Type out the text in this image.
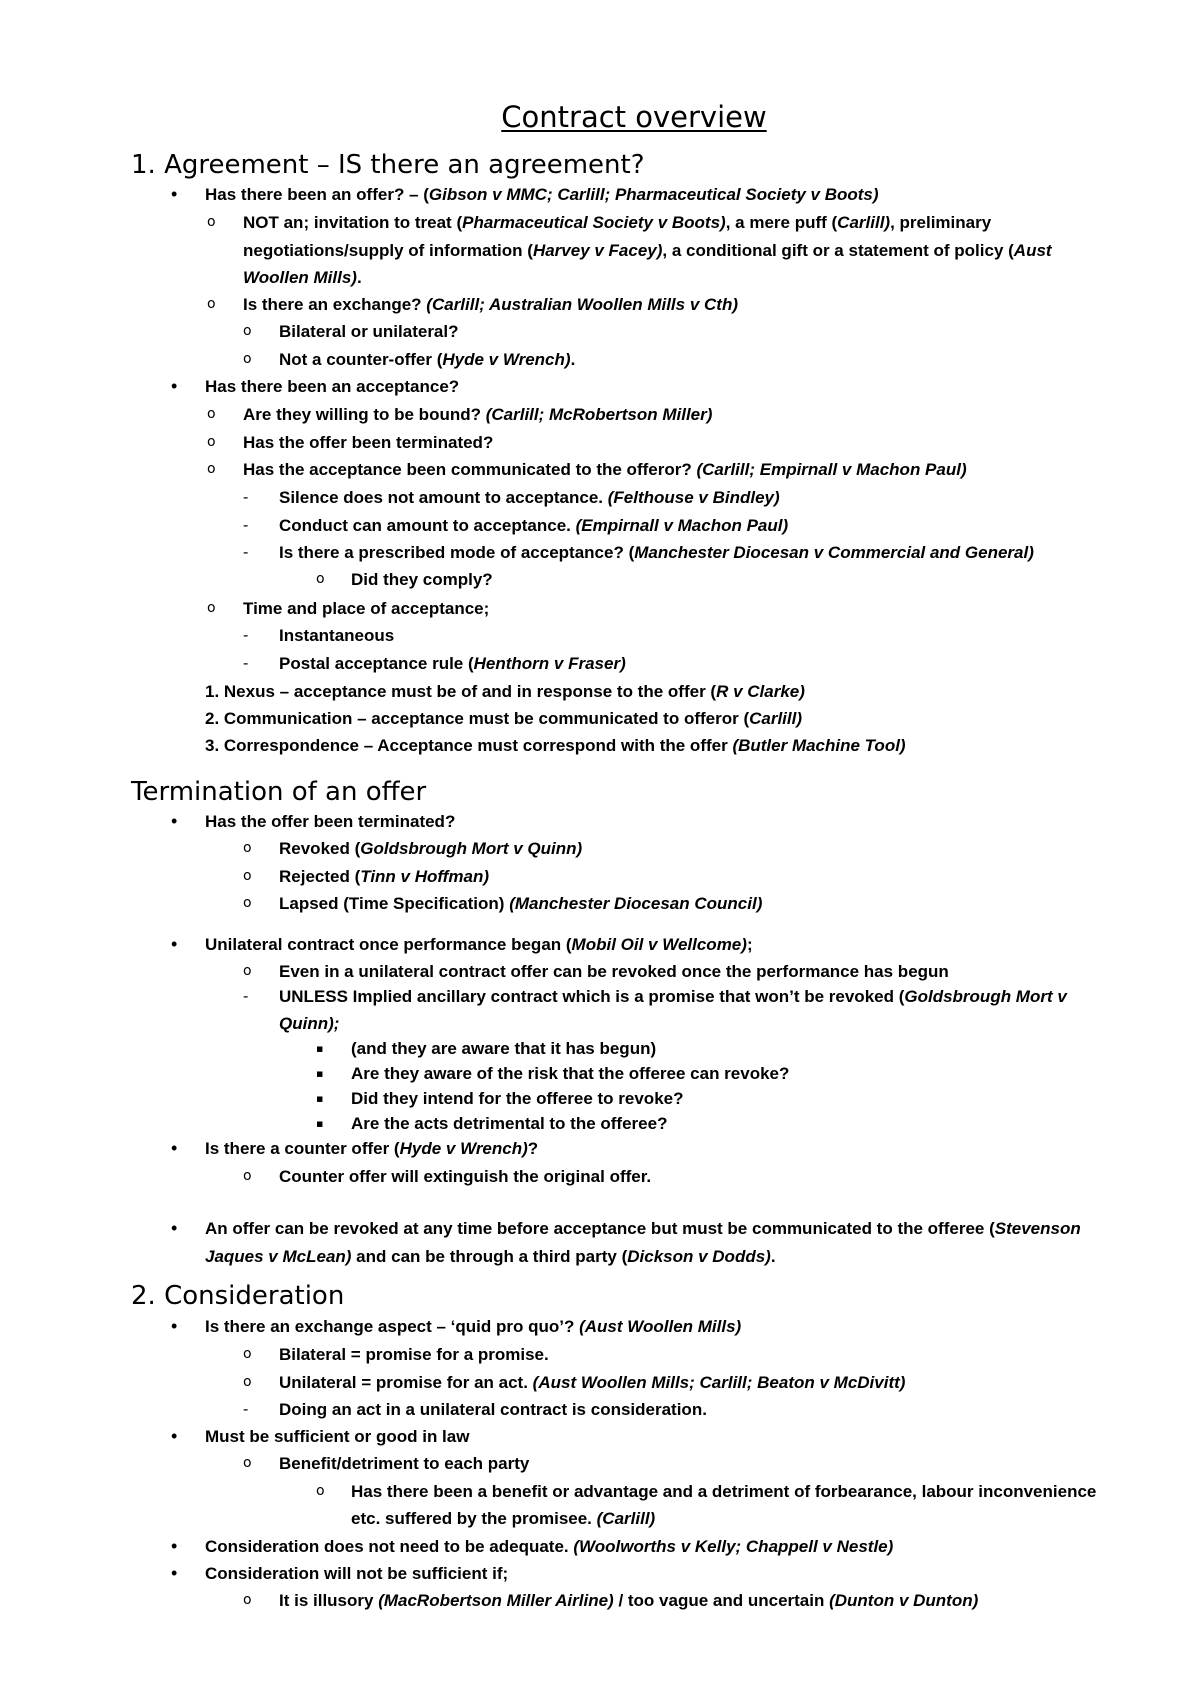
Contract overview
1. Agreement – IS there an agreement?
Termination of an offer
2. Consideration
• Has there been an offer? – (Gibson v MMC; Carlill; Pharmaceutical Society v Boots)
o NOT an; invitation to treat (Pharmaceutical Society v Boots), a mere puff (Carlill), preliminary
negotiations/supply of information (Harvey v Facey), a conditional gift or a statement of policy (Aust
Woollen Mills).
o Is there an exchange? (Carlill; Australian Woollen Mills v Cth)
o Bilateral or unilateral?
o Not a counter-offer (Hyde v Wrench).
• Has there been an acceptance?
o Are they willing to be bound? (Carlill; McRobertson Miller)
o Has the offer been terminated?
o Has the acceptance been communicated to the offeror? (Carlill; Empirnall v Machon Paul)
- Silence does not amount to acceptance. (Felthouse v Bindley)
- Conduct can amount to acceptance. (Empirnall v Machon Paul)
- Is there a prescribed mode of acceptance? (Manchester Diocesan v Commercial and General)
o Did they comply?
o Time and place of acceptance;
- Instantaneous
- Postal acceptance rule (Henthorn v Fraser)
1. Nexus – acceptance must be of and in response to the offer (R v Clarke)
2. Communication – acceptance must be communicated to offeror (Carlill)
3. Correspondence – Acceptance must correspond with the offer (Butler Machine Tool)
• Has the offer been terminated?
o Revoked (Goldsbrough Mort v Quinn)
o Rejected (Tinn v Hoffman)
o Lapsed (Time Specification) (Manchester Diocesan Council)
• Unilateral contract once performance began (Mobil Oil v Wellcome);
o Even in a unilateral contract offer can be revoked once the performance has begun
- UNLESS Implied ancillary contract which is a promise that won’t be revoked (Goldsbrough Mort v
Quinn);
▪ (and they are aware that it has begun)
▪ Are they aware of the risk that the offeree can revoke?
▪ Did they intend for the offeree to revoke?
▪ Are the acts detrimental to the offeree?
• Is there a counter offer (Hyde v Wrench)?
o Counter offer will extinguish the original offer.
• An offer can be revoked at any time before acceptance but must be communicated to the offeree (Stevenson
Jaques v McLean) and can be through a third party (Dickson v Dodds).
• Is there an exchange aspect – ‘quid pro quo’? (Aust Woollen Mills)
o Bilateral = promise for a promise.
o Unilateral = promise for an act. (Aust Woollen Mills; Carlill; Beaton v McDivitt)
- Doing an act in a unilateral contract is consideration.
• Must be sufficient or good in law
o Benefit/detriment to each party
o Has there been a benefit or advantage and a detriment of forbearance, labour inconvenience
etc. suffered by the promisee. (Carlill)
• Consideration does not need to be adequate. (Woolworths v Kelly; Chappell v Nestle)
• Consideration will not be sufficient if;
o It is illusory (MacRobertson Miller Airline) / too vague and uncertain (Dunton v Dunton)
